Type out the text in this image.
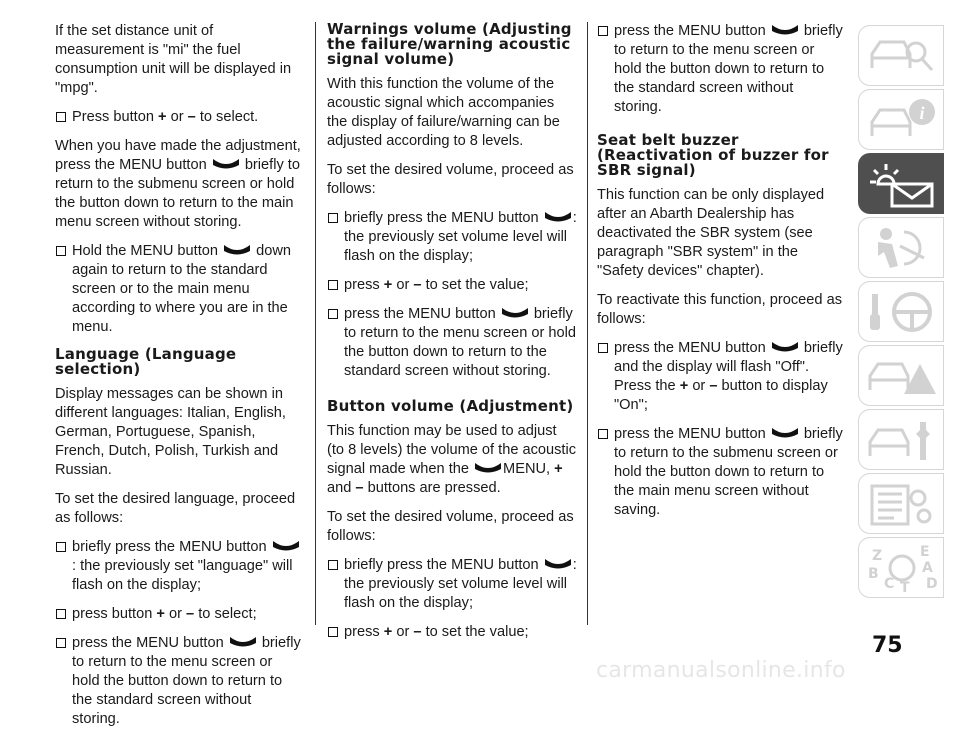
If the set distance unit of measurement is "mi" the fuel consumption unit will be displayed in "mpg".

Press button + or – to select.

When you have made the adjustment, press the MENU button	briefly to return to the submenu screen or hold the button down to return to the main menu screen without storing.

Hold the MENU button	down again to return to the standard screen or to the main menu according to where you are in the menu.
Language (Language selection)

Display messages can be shown in different languages: Italian, English, German, Portuguese, Spanish, French, Dutch, Polish, Turkish and Russian.

To set the desired language, proceed as follows:

briefly press the MENU button
: the previously set "language" will flash on the display;
press button + or – to select;
press the MENU button	briefly to return to the menu screen or hold the button down to return to the standard screen without storing.
Warnings volume (Adjusting the failure/warning acoustic signal volume)

With this function the volume of the acoustic signal which accompanies the display of failure/warning can be adjusted according to 8 levels.

To set the desired volume, proceed as follows:

briefly press the MENU button : the previously set volume level will flash on the display;
press + or – to set the value;
press the MENU button	briefly to return to the menu screen or hold the button down to return to the standard screen without storing.
Button volume (Adjustment)

This function may be used to adjust (to 8 levels) the volume of the acoustic signal made when the MENU, + and – buttons are pressed.

To set the desired volume, proceed as follows:

briefly press the MENU button : the previously set volume level will flash on the display;
press + or – to set the value;
press the MENU button	briefly to return to the menu screen or hold the button down to return to the standard screen without storing.
Seat belt buzzer (Reactivation of buzzer for SBR signal)

This function can be only displayed after an Abarth Dealership has deactivated the SBR system (see paragraph "SBR system" in the "Safety devices" chapter).

To reactivate this function, proceed as follows:

press the MENU button	briefly and the display will flash "Off". Press the + or – button to display "On";
press the MENU button	briefly to return to the submenu screen or hold the button down to return to the main menu screen without saving.
i
Z	E
A
B
C T D
75
carmanualsonline.info
